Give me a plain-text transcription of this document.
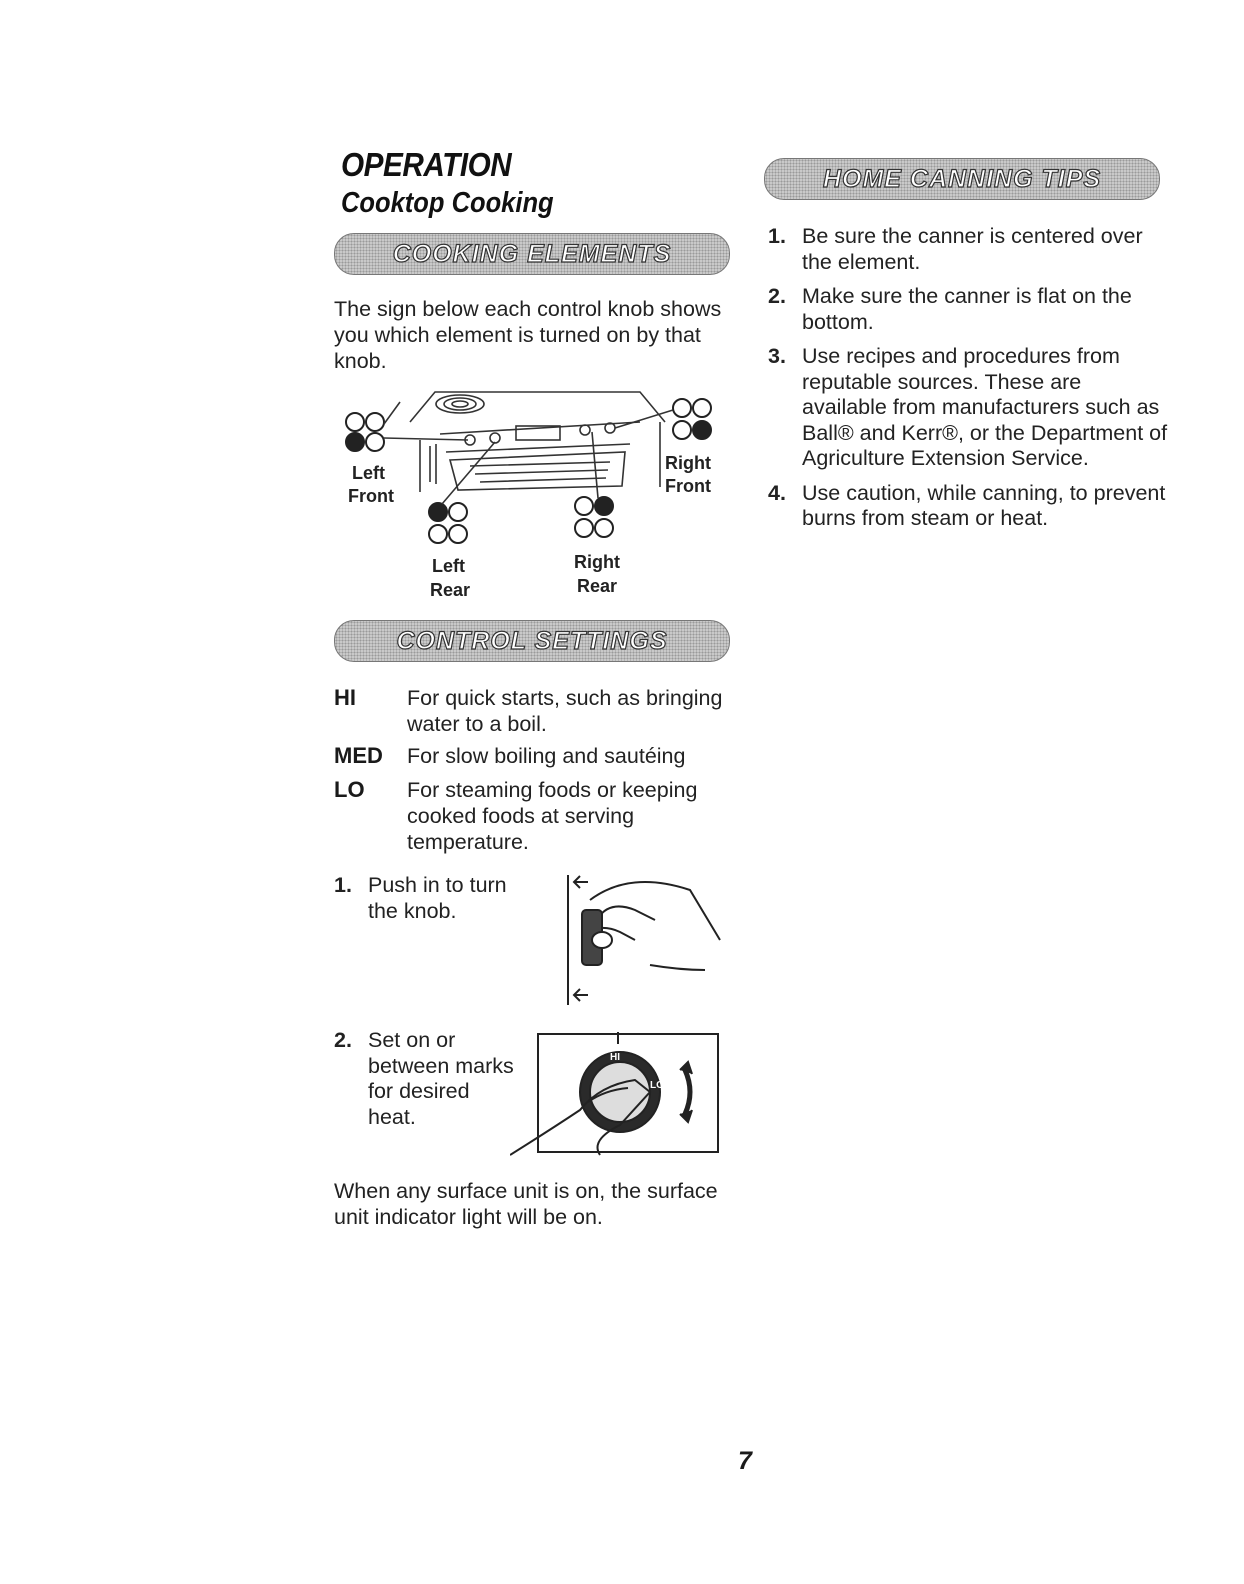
OPERATION
Cooktop Cooking
COOKING ELEMENTS
The sign below each control knob shows you which element is turned on by that knob.
Left
Front
Right
Front
Left
Rear
Right
Rear
CONTROL SETTINGS
HI For quick starts, such as bringing water to a boil.
MED For slow boiling and sautéing
LO For steaming foods or keeping cooked foods at serving temperature.
1. Push in to turn the knob.
2. Set on or between marks for desired heat.
HI
LO
When any surface unit is on, the surface unit indicator light will be on.
HOME CANNING TIPS
1. Be sure the canner is centered over the element.
2. Make sure the canner is flat on the bottom.
3. Use recipes and procedures from reputable sources. These are available from manufacturers such as Ball® and Kerr®, or the Department of Agriculture Extension Service.
4. Use caution, while canning, to prevent burns from steam or heat.
7
